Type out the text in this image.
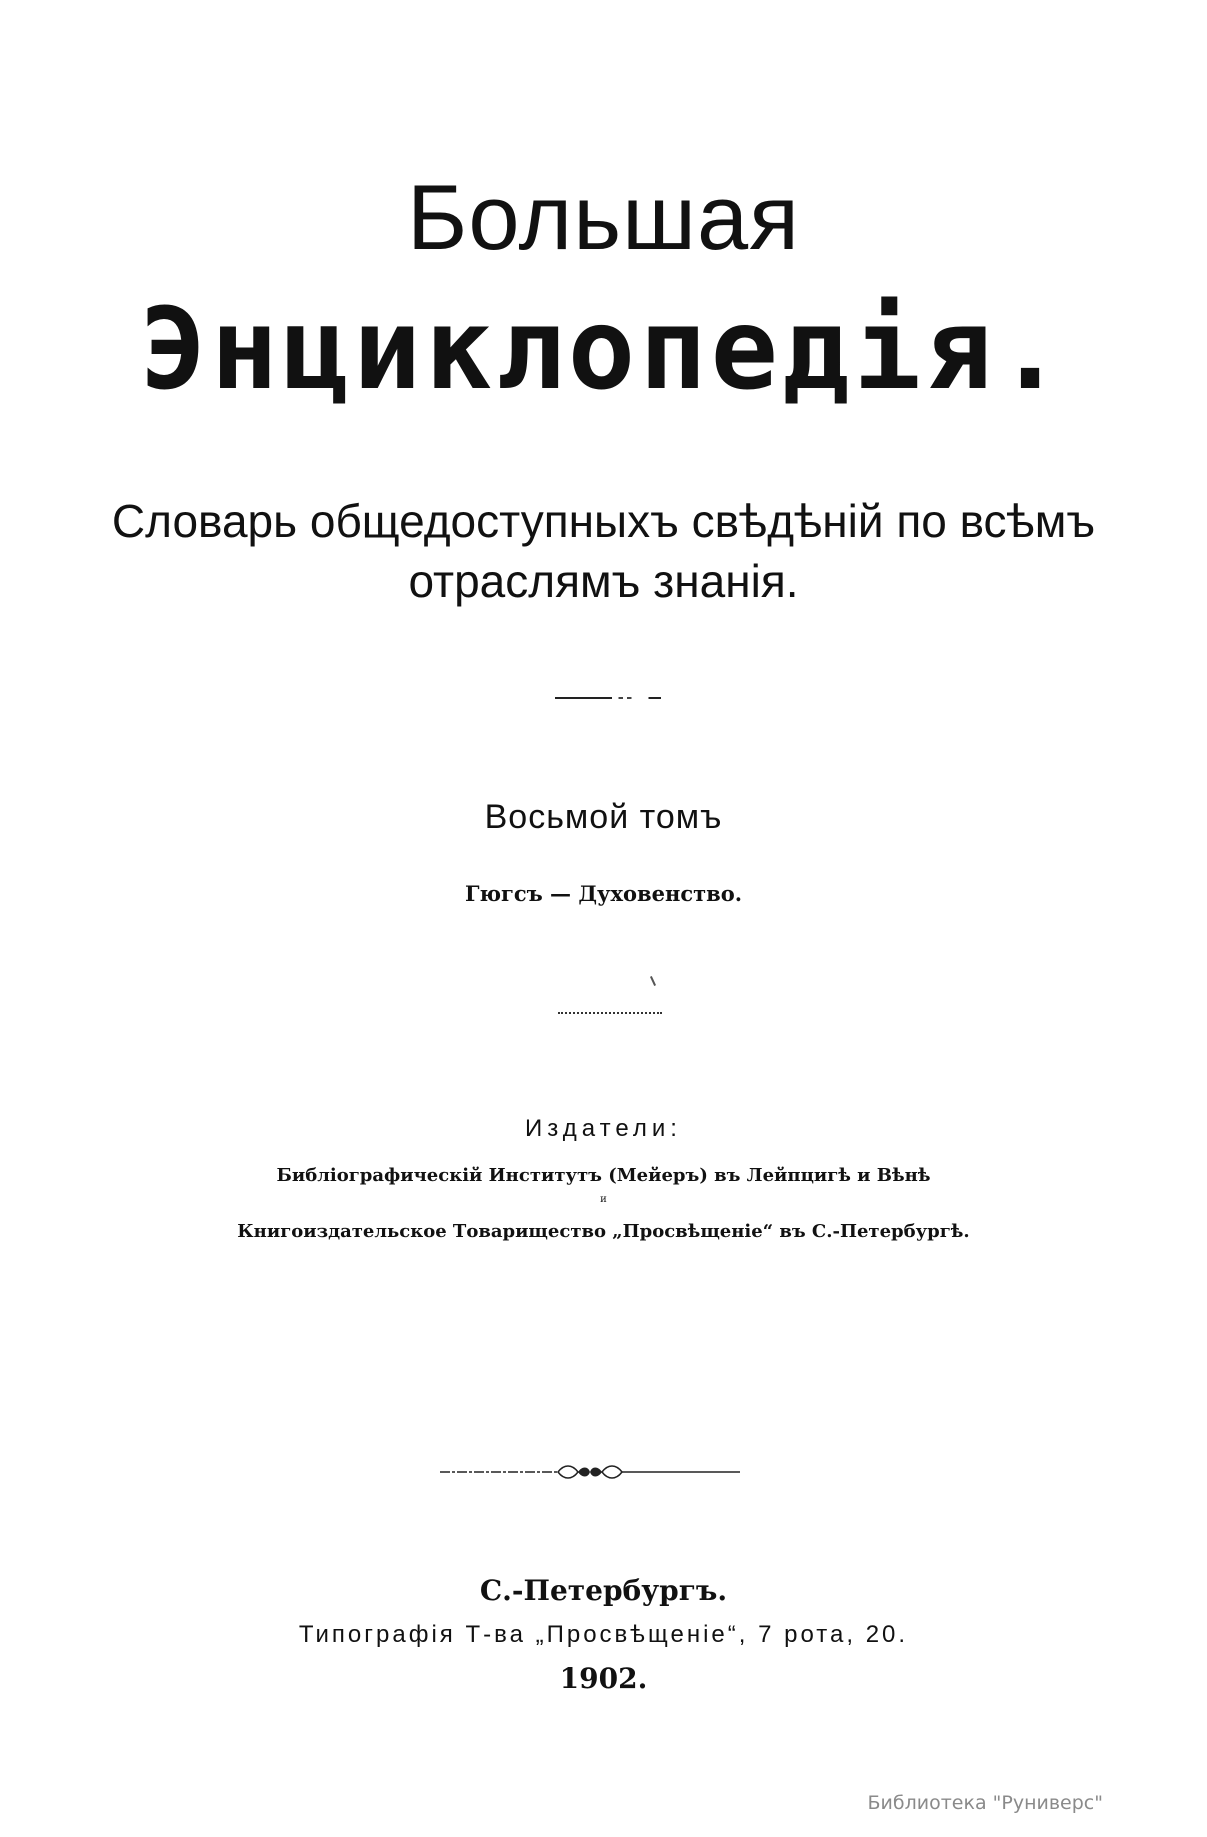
Большая
Энциклопедія.
Словарь общедоступныхъ свѣдѣній по всѣмъ
отраслямъ знанія.
Восьмой томъ
Гюгсъ — Духовенство.
Издатели:
Библіографическій Институтъ (Мейеръ) въ Лейпцигѣ и Вѣнѣ
и
Книгоиздательское Товарищество „Просвѣщеніе“ въ С.-Петербургѣ.
С.-Петербургъ.
Типографія Т-ва „Просвѣщеніе“, 7 рота, 20.
1902.
Библиотека "Руниверс"
